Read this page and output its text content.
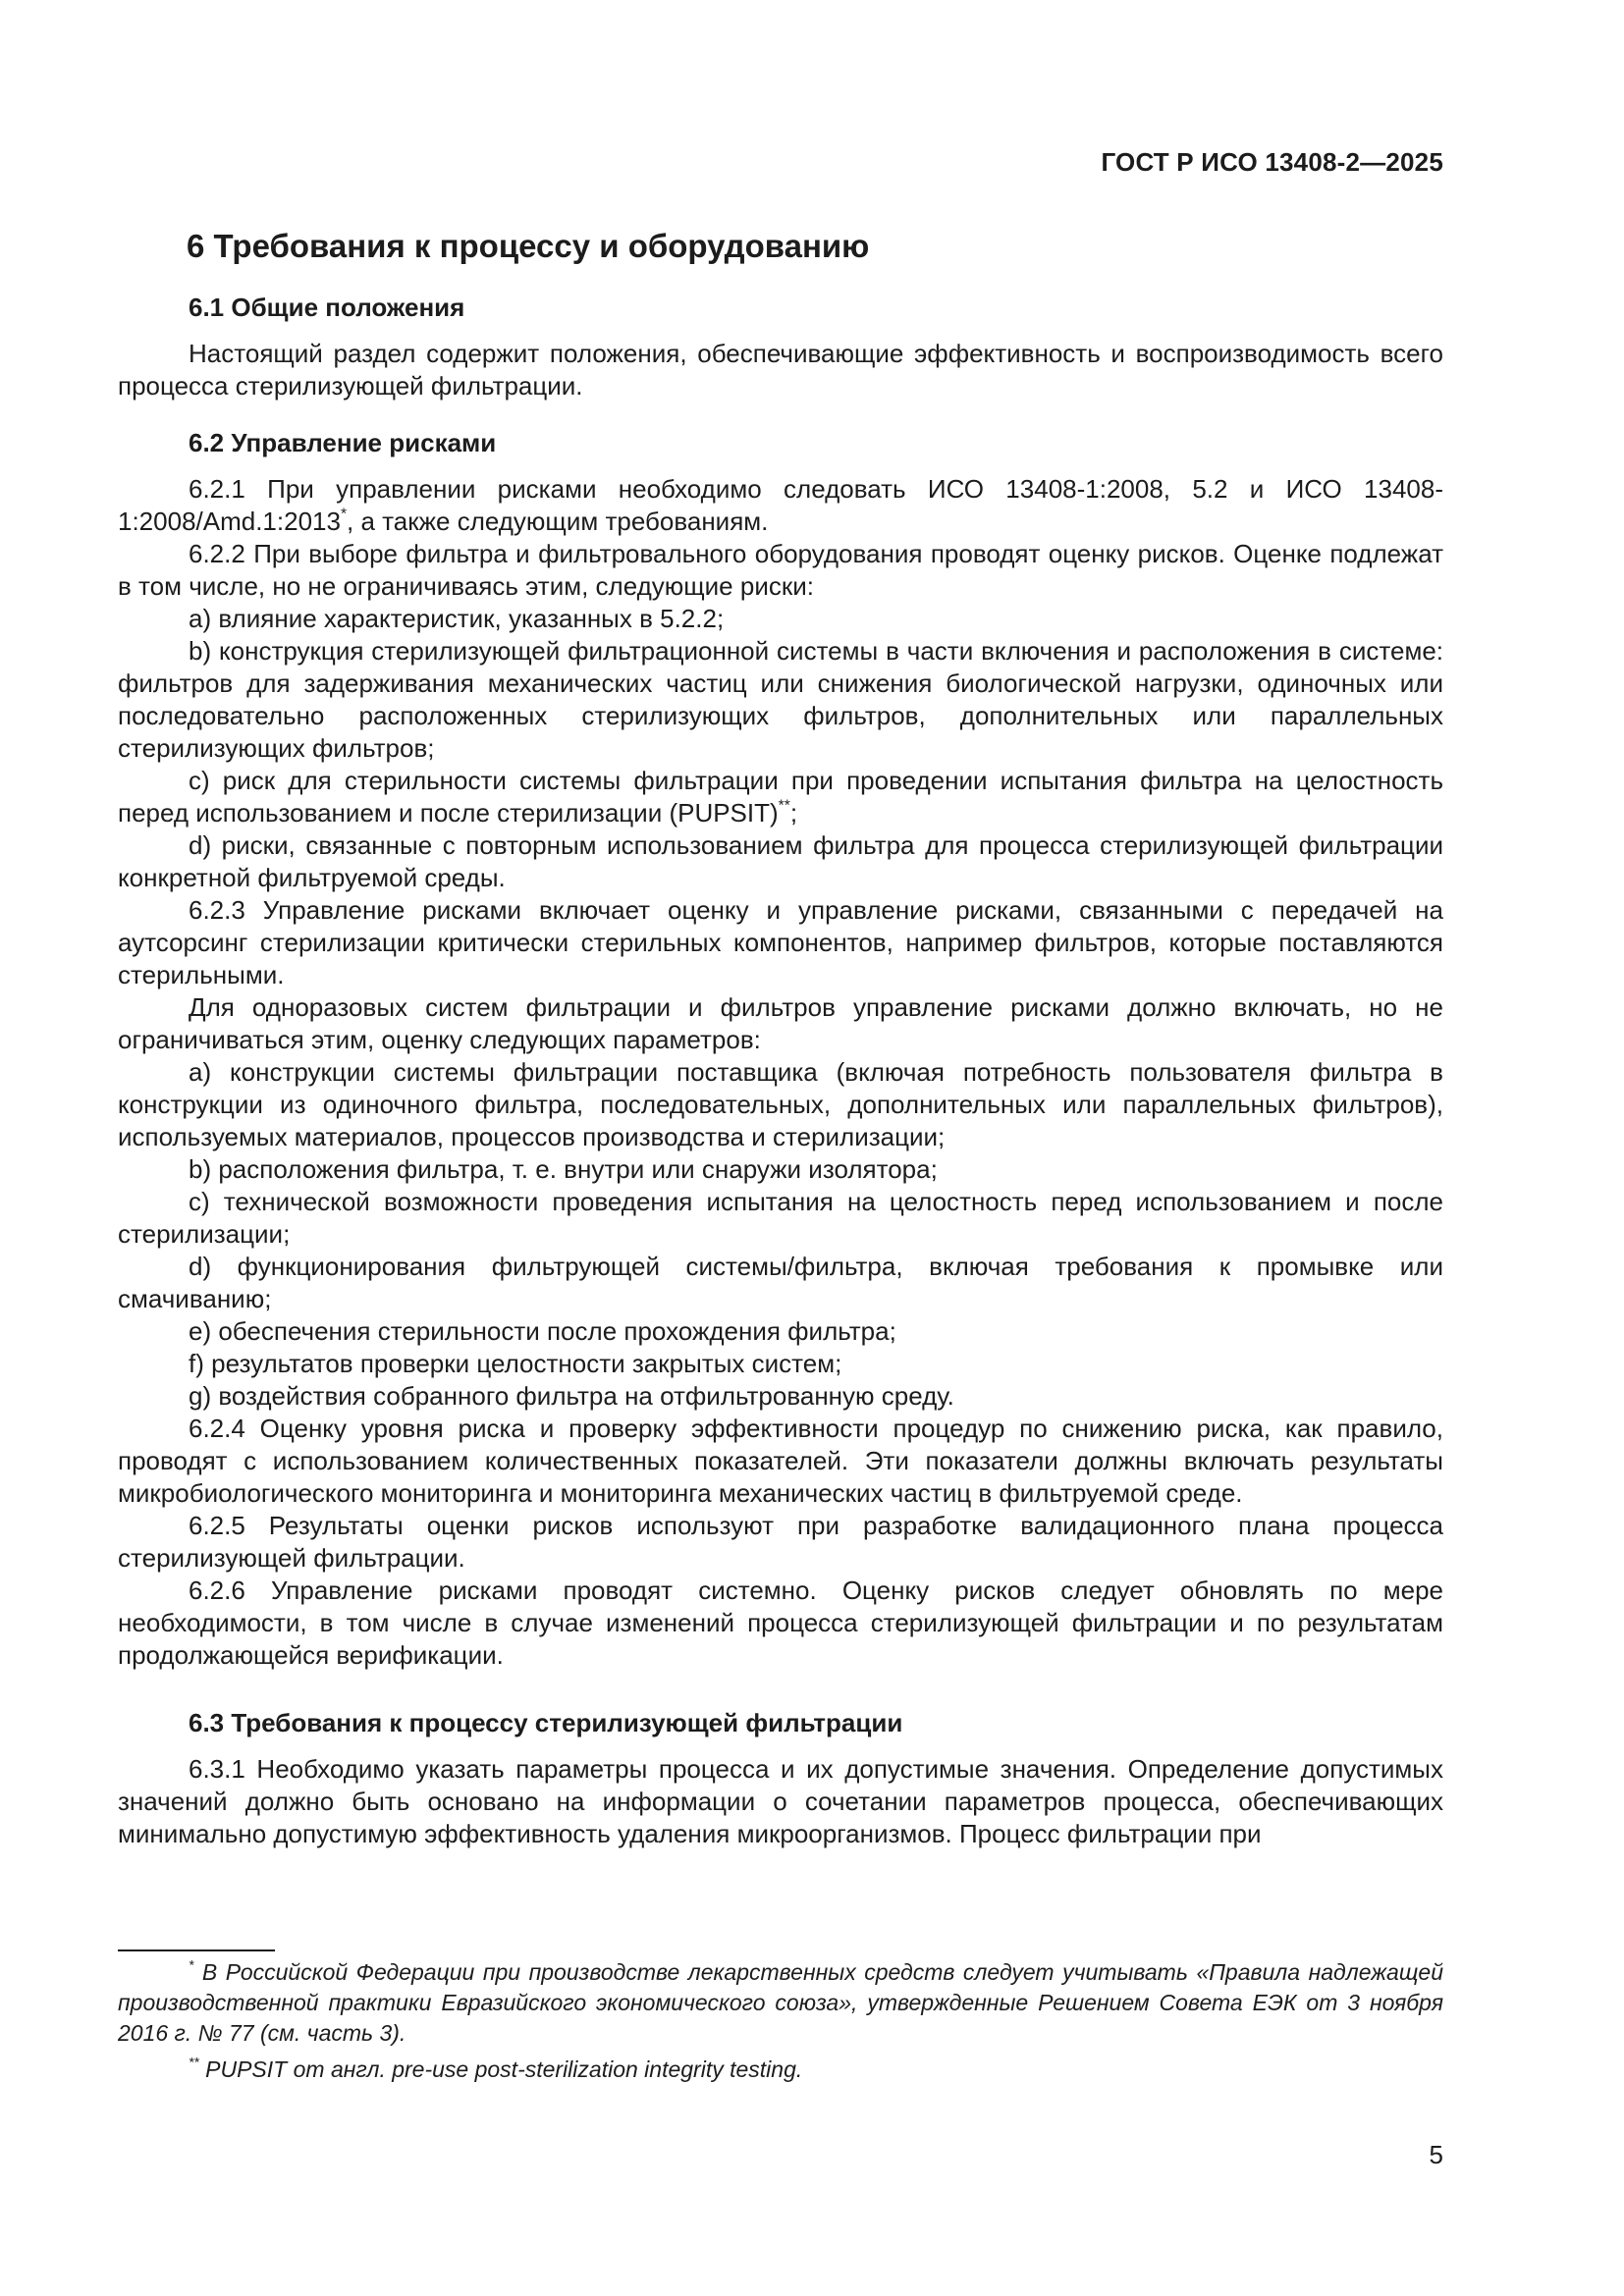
ГОСТ Р ИСО 13408-2—2025
6 Требования к процессу и оборудованию
6.1 Общие положения

Настоящий раздел содержит положения, обеспечивающие эффективность и воспроизводимость всего процесса стерилизующей фильтрации.

6.2 Управление рисками

6.2.1 При управлении рисками необходимо следовать ИСО 13408-1:2008, 5.2 и ИСО 13408-1:2008/Amd.1:2013*, а также следующим требованиям.

6.2.2 При выборе фильтра и фильтровального оборудования проводят оценку рисков. Оценке подлежат в том числе, но не ограничиваясь этим, следующие риски:

a) влияние характеристик, указанных в 5.2.2;

b) конструкция стерилизующей фильтрационной системы в части включения и расположения в системе: фильтров для задерживания механических частиц или снижения биологической нагрузки, одиночных или последовательно расположенных стерилизующих фильтров, дополнительных или параллельных стерилизующих фильтров;

c) риск для стерильности системы фильтрации при проведении испытания фильтра на целостность перед использованием и после стерилизации (PUPSIT)**;

d) риски, связанные с повторным использованием фильтра для процесса стерилизующей фильтрации конкретной фильтруемой среды.

6.2.3 Управление рисками включает оценку и управление рисками, связанными с передачей на аутсорсинг стерилизации критически стерильных компонентов, например фильтров, которые поставляются стерильными.

Для одноразовых систем фильтрации и фильтров управление рисками должно включать, но не ограничиваться этим, оценку следующих параметров:

a) конструкции системы фильтрации поставщика (включая потребность пользователя фильтра в конструкции из одиночного фильтра, последовательных, дополнительных или параллельных фильтров), используемых материалов, процессов производства и стерилизации;

b) расположения фильтра, т. е. внутри или снаружи изолятора;

c) технической возможности проведения испытания на целостность перед использованием и после стерилизации;

d) функционирования фильтрующей системы/фильтра, включая требования к промывке или смачиванию;

e) обеспечения стерильности после прохождения фильтра;

f) результатов проверки целостности закрытых систем;

g) воздействия собранного фильтра на отфильтрованную среду.

6.2.4 Оценку уровня риска и проверку эффективности процедур по снижению риска, как правило, проводят с использованием количественных показателей. Эти показатели должны включать результаты микробиологического мониторинга и мониторинга механических частиц в фильтруемой среде.

6.2.5 Результаты оценки рисков используют при разработке валидационного плана процесса стерилизующей фильтрации.

6.2.6 Управление рисками проводят системно. Оценку рисков следует обновлять по мере необходимости, в том числе в случае изменений процесса стерилизующей фильтрации и по результатам продолжающейся верификации.

6.3 Требования к процессу стерилизующей фильтрации

6.3.1 Необходимо указать параметры процесса и их допустимые значения. Определение допустимых значений должно быть основано на информации о сочетании параметров процесса, обеспечивающих минимально допустимую эффективность удаления микроорганизмов. Процесс фильтрации при

* В Российской Федерации при производстве лекарственных средств следует учитывать «Правила надлежащей производственной практики Евразийского экономического союза», утвержденные Решением Совета ЕЭК от 3 ноября 2016 г. № 77 (см. часть 3).

** PUPSIT от англ. pre-use post-sterilization integrity testing.

5
